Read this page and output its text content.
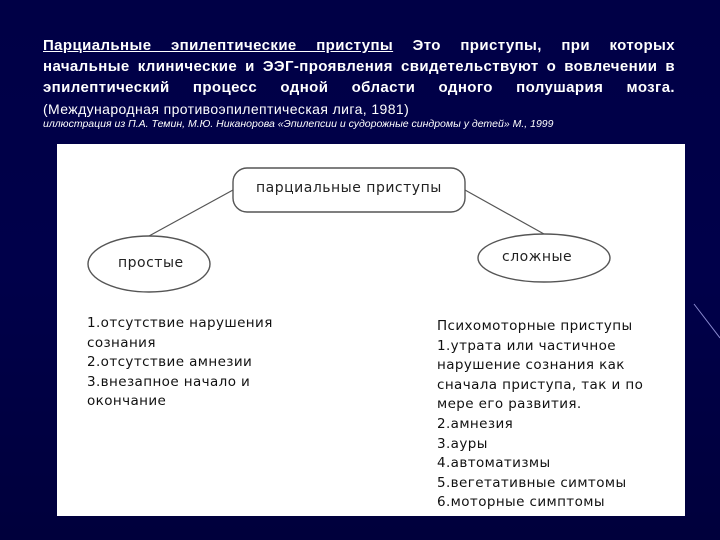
Парциальные эпилептические приступы Это приступы, при которых начальные клинические и ЭЭГ-проявления свидетельствуют о вовлечении в эпилептический процесс одной области одного полушария мозга. (Международная противоэпилептическая лига, 1981)
иллюстрация из П.А. Темин, М.Ю. Никанорова «Эпилепсии и судорожные синдромы у детей» М., 1999
парциальные приступы
простые	сложные
1.отсутствие нарушения
сознания
2.отсутствие амнезии
3.внезапное начало и
окончание
Психомоторные приступы
1.утрата или частичное
нарушение сознания как
сначала приступа, так и по
мере его развития.
2.амнезия
3.ауры
4.автоматизмы
5.вегетативные симтомы
6.моторные симптомы
